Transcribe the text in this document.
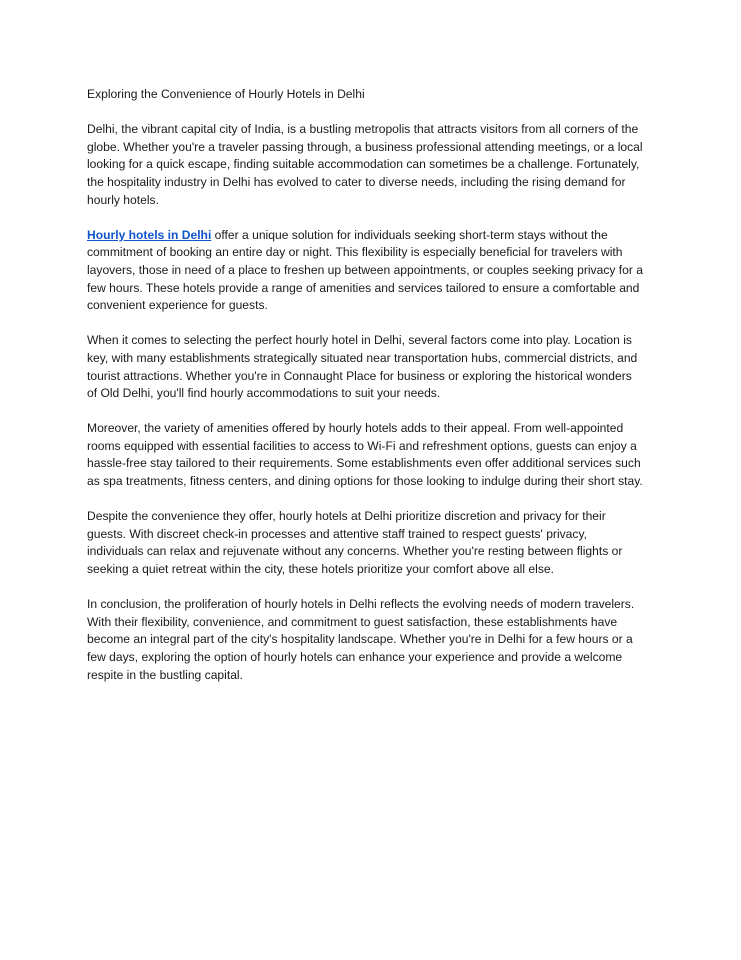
Exploring the Convenience of Hourly Hotels in Delhi

Delhi, the vibrant capital city of India, is a bustling metropolis that attracts visitors from all corners of the globe. Whether you're a traveler passing through, a business professional attending meetings, or a local looking for a quick escape, finding suitable accommodation can sometimes be a challenge. Fortunately, the hospitality industry in Delhi has evolved to cater to diverse needs, including the rising demand for hourly hotels.

Hourly hotels in Delhi offer a unique solution for individuals seeking short-term stays without the commitment of booking an entire day or night. This flexibility is especially beneficial for travelers with layovers, those in need of a place to freshen up between appointments, or couples seeking privacy for a few hours. These hotels provide a range of amenities and services tailored to ensure a comfortable and convenient experience for guests.

When it comes to selecting the perfect hourly hotel in Delhi, several factors come into play. Location is key, with many establishments strategically situated near transportation hubs, commercial districts, and tourist attractions. Whether you're in Connaught Place for business or exploring the historical wonders of Old Delhi, you'll find hourly accommodations to suit your needs.

Moreover, the variety of amenities offered by hourly hotels adds to their appeal. From well-appointed rooms equipped with essential facilities to access to Wi-Fi and refreshment options, guests can enjoy a hassle-free stay tailored to their requirements. Some establishments even offer additional services such as spa treatments, fitness centers, and dining options for those looking to indulge during their short stay.

Despite the convenience they offer, hourly hotels at Delhi prioritize discretion and privacy for their guests. With discreet check-in processes and attentive staff trained to respect guests' privacy, individuals can relax and rejuvenate without any concerns. Whether you're resting between flights or seeking a quiet retreat within the city, these hotels prioritize your comfort above all else.

In conclusion, the proliferation of hourly hotels in Delhi reflects the evolving needs of modern travelers. With their flexibility, convenience, and commitment to guest satisfaction, these establishments have become an integral part of the city's hospitality landscape. Whether you're in Delhi for a few hours or a few days, exploring the option of hourly hotels can enhance your experience and provide a welcome respite in the bustling capital.
